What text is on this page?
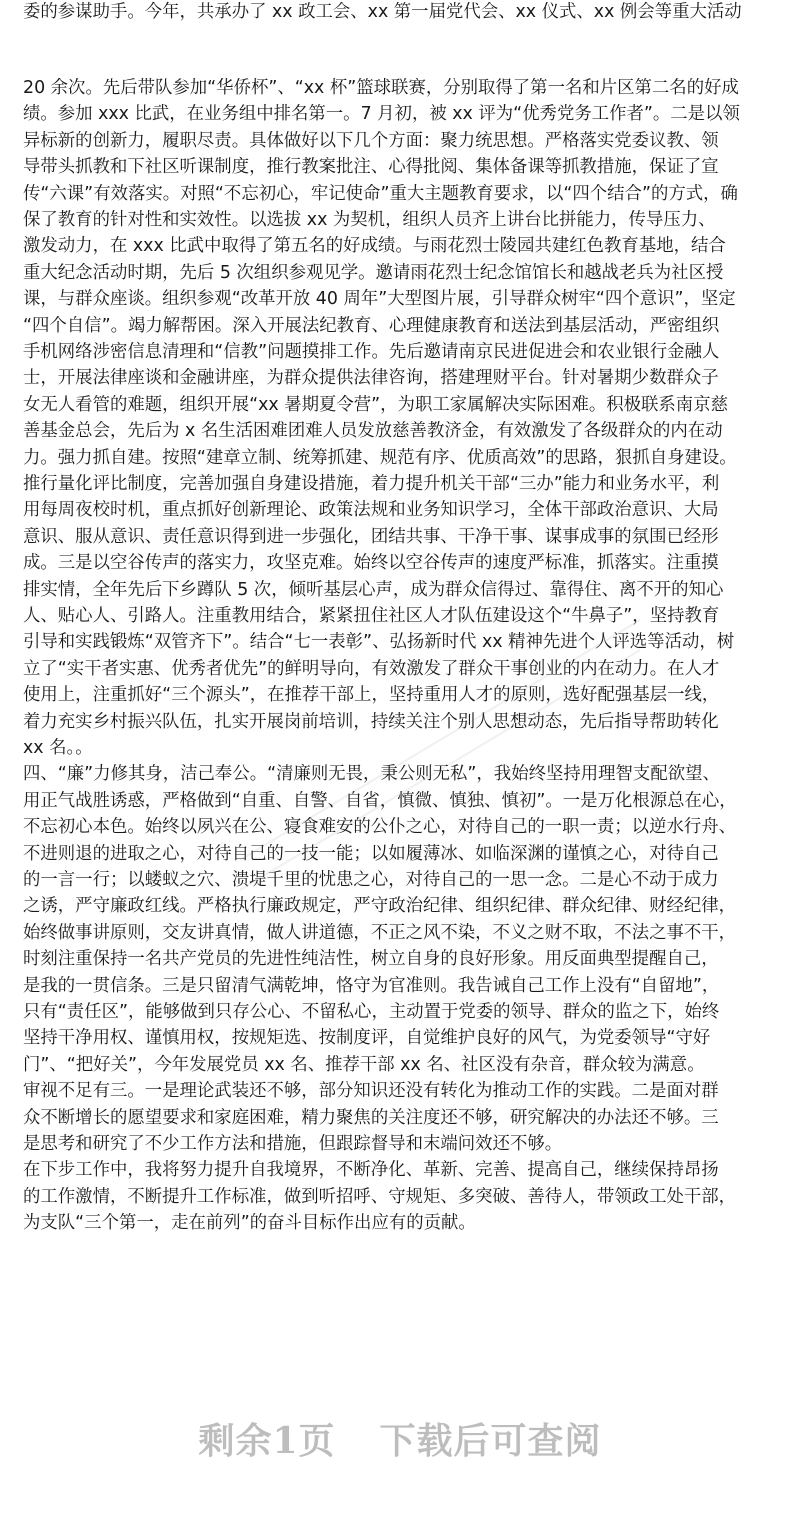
委的参谋助手。今年，共承办了 xx 政工会、xx 第一届党代会、xx 仪式、xx 例会等重大活动
20 余次。先后带队参加“华侨杯”、“xx 杯”篮球联赛，分别取得了第一名和片区第二名的好成
绩。参加 xxx 比武，在业务组中排名第一。7 月初，被 xx 评为“优秀党务工作者”。二是以领
异标新的创新力，履职尽责。具体做好以下几个方面：聚力统思想。严格落实党委议教、领
导带头抓教和下社区听课制度，推行教案批注、心得批阅、集体备课等抓教措施，保证了宣
传“六课”有效落实。对照“不忘初心，牢记使命”重大主题教育要求，以“四个结合”的方式，确
保了教育的针对性和实效性。以选拔 xx 为契机，组织人员齐上讲台比拼能力，传导压力、
激发动力，在 xxx 比武中取得了第五名的好成绩。与雨花烈士陵园共建红色教育基地，结合
重大纪念活动时期，先后 5 次组织参观见学。邀请雨花烈士纪念馆馆长和越战老兵为社区授
课，与群众座谈。组织参观“改革开放 40 周年”大型图片展，引导群众树牢“四个意识”，坚定
“四个自信”。竭力解帮困。深入开展法纪教育、心理健康教育和送法到基层活动，严密组织
手机网络涉密信息清理和“信教”问题摸排工作。先后邀请南京民进促进会和农业银行金融人
士，开展法律座谈和金融讲座，为群众提供法律咨询，搭建理财平台。针对暑期少数群众子
女无人看管的难题，组织开展“xx 暑期夏令营”，为职工家属解决实际困难。积极联系南京慈
善基金总会，先后为 x 名生活困难团难人员发放慈善教济金，有效激发了各级群众的内在动
力。强力抓自建。按照“建章立制、统筹抓建、规范有序、优质高效”的思路，狠抓自身建设。
推行量化评比制度，完善加强自身建设措施，着力提升机关干部“三办”能力和业务水平，利
用每周夜校时机，重点抓好创新理论、政策法规和业务知识学习，全体干部政治意识、大局
意识、服从意识、责任意识得到进一步强化，团结共事、干净干事、谋事成事的氛围已经形
成。三是以空谷传声的落实力，攻坚克难。始终以空谷传声的速度严标准，抓落实。注重摸
排实情，全年先后下乡蹲队 5 次，倾听基层心声，成为群众信得过、靠得住、离不开的知心
人、贴心人、引路人。注重教用结合，紧紧扭住社区人才队伍建设这个“牛鼻子”，坚持教育
引导和实践锻炼“双管齐下”。结合“七一表彰”、弘扬新时代 xx 精神先进个人评选等活动，树
立了“实干者实惠、优秀者优先”的鲜明导向，有效激发了群众干事创业的内在动力。在人才
使用上，注重抓好“三个源头”，在推荐干部上，坚持重用人才的原则，选好配强基层一线，
着力充实乡村振兴队伍，扎实开展岗前培训，持续关注个别人思想动态，先后指导帮助转化
xx 名。。
四、“廉”力修其身，洁己奉公。“清廉则无畏，秉公则无私”，我始终坚持用理智支配欲望、
用正气战胜诱惑，严格做到“自重、自警、自省，慎微、慎独、慎初”。一是万化根源总在心，
不忘初心本色。始终以夙兴在公、寝食难安的公仆之心，对待自己的一职一责；以逆水行舟、
不进则退的进取之心，对待自己的一技一能；以如履薄冰、如临深渊的谨慎之心，对待自己
的一言一行；以蝼蚁之穴、溃堤千里的忧患之心，对待自己的一思一念。二是心不动于成力
之诱，严守廉政红线。严格执行廉政规定，严守政治纪律、组织纪律、群众纪律、财经纪律，
始终做事讲原则，交友讲真情，做人讲道德，不正之风不染，不义之财不取，不法之事不干，
时刻注重保持一名共产党员的先进性纯洁性，树立自身的良好形象。用反面典型提醒自己，
是我的一贯信条。三是只留清气满乾坤，恪守为官准则。我告诫自己工作上没有“自留地”，
只有“责任区”，能够做到只存公心、不留私心，主动置于党委的领导、群众的监之下，始终
坚持干净用权、谨慎用权，按规矩选、按制度评，自觉维护良好的风气，为党委领导“守好
门”、“把好关”，今年发展党员 xx 名、推荐干部 xx 名、社区没有杂音，群众较为满意。
审视不足有三。一是理论武装还不够，部分知识还没有转化为推动工作的实践。二是面对群
众不断增长的愿望要求和家庭困难，精力聚焦的关注度还不够，研究解决的办法还不够。三
是思考和研究了不少工作方法和措施，但跟踪督导和末端问效还不够。
在下步工作中，我将努力提升自我境界，不断净化、革新、完善、提高自己，继续保持昂扬
的工作激情，不断提升工作标准，做到听招呼、守规矩、多突破、善待人，带领政工处干部，
为支队“三个第一，走在前列”的奋斗目标作出应有的贡献。
剩余1页 下载后可查阅
